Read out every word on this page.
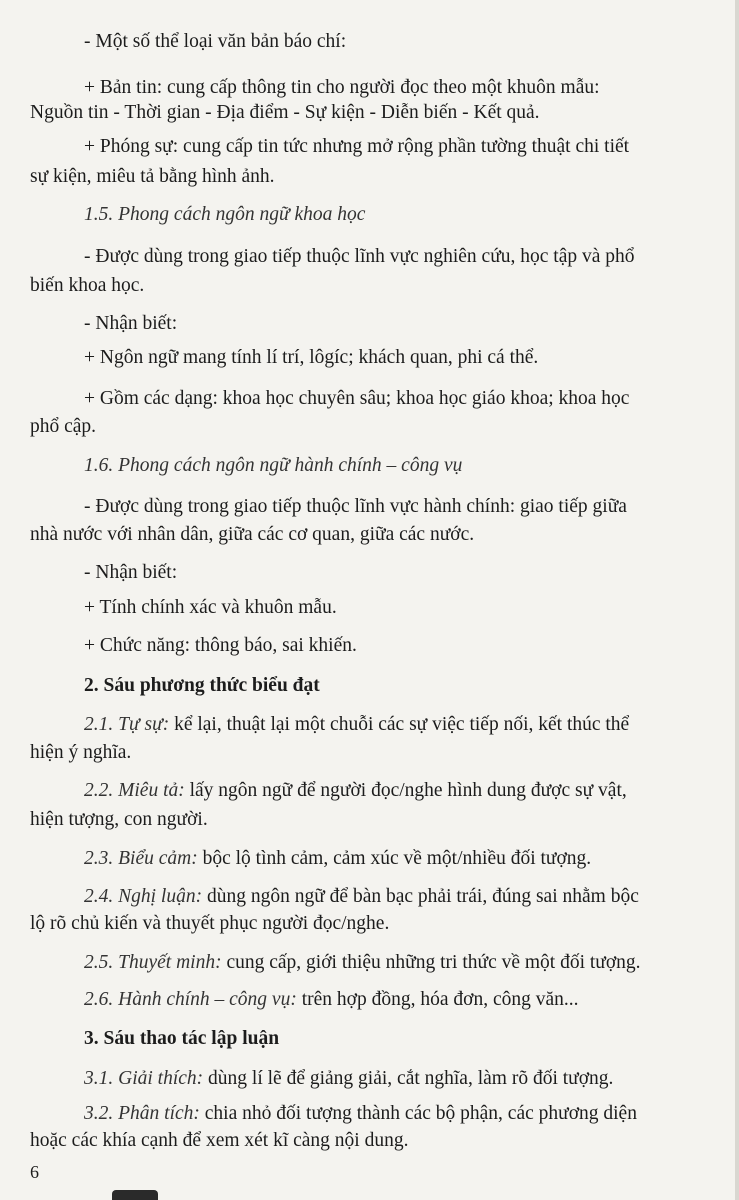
- Một số thể loại văn bản báo chí:

+ Bản tin: cung cấp thông tin cho người đọc theo một khuôn mẫu:

Nguồn tin - Thời gian - Địa điểm - Sự kiện - Diễn biến - Kết quả.

+ Phóng sự: cung cấp tin tức nhưng mở rộng phần tường thuật chi tiết

sự kiện, miêu tả bằng hình ảnh.

1.5. Phong cách ngôn ngữ khoa học

- Được dùng trong giao tiếp thuộc lĩnh vực nghiên cứu, học tập và phổ

biến khoa học.

- Nhận biết:

+ Ngôn ngữ mang tính lí trí, lôgíc; khách quan, phi cá thể.

+ Gồm các dạng: khoa học chuyên sâu; khoa học giáo khoa; khoa học

phổ cập.

1.6. Phong cách ngôn ngữ hành chính – công vụ

- Được dùng trong giao tiếp thuộc lĩnh vực hành chính: giao tiếp giữa

nhà nước với nhân dân, giữa các cơ quan, giữa các nước.

- Nhận biết:

+ Tính chính xác và khuôn mẫu.

+ Chức năng: thông báo, sai khiến.

2. Sáu phương thức biểu đạt

2.1. Tự sự: kể lại, thuật lại một chuỗi các sự việc tiếp nối, kết thúc thể

hiện ý nghĩa.

2.2. Miêu tả: lấy ngôn ngữ để người đọc/nghe hình dung được sự vật,

hiện tượng, con người.

2.3. Biểu cảm: bộc lộ tình cảm, cảm xúc về một/nhiều đối tượng.

2.4. Nghị luận: dùng ngôn ngữ để bàn bạc phải trái, đúng sai nhằm bộc

lộ rõ chủ kiến và thuyết phục người đọc/nghe.

2.5. Thuyết minh: cung cấp, giới thiệu những tri thức về một đối tượng.

2.6. Hành chính – công vụ: trên hợp đồng, hóa đơn, công văn...

3. Sáu thao tác lập luận

3.1. Giải thích: dùng lí lẽ để giảng giải, cắt nghĩa, làm rõ đối tượng.

3.2. Phân tích: chia nhỏ đối tượng thành các bộ phận, các phương diện

hoặc các khía cạnh để xem xét kĩ càng nội dung.

6
